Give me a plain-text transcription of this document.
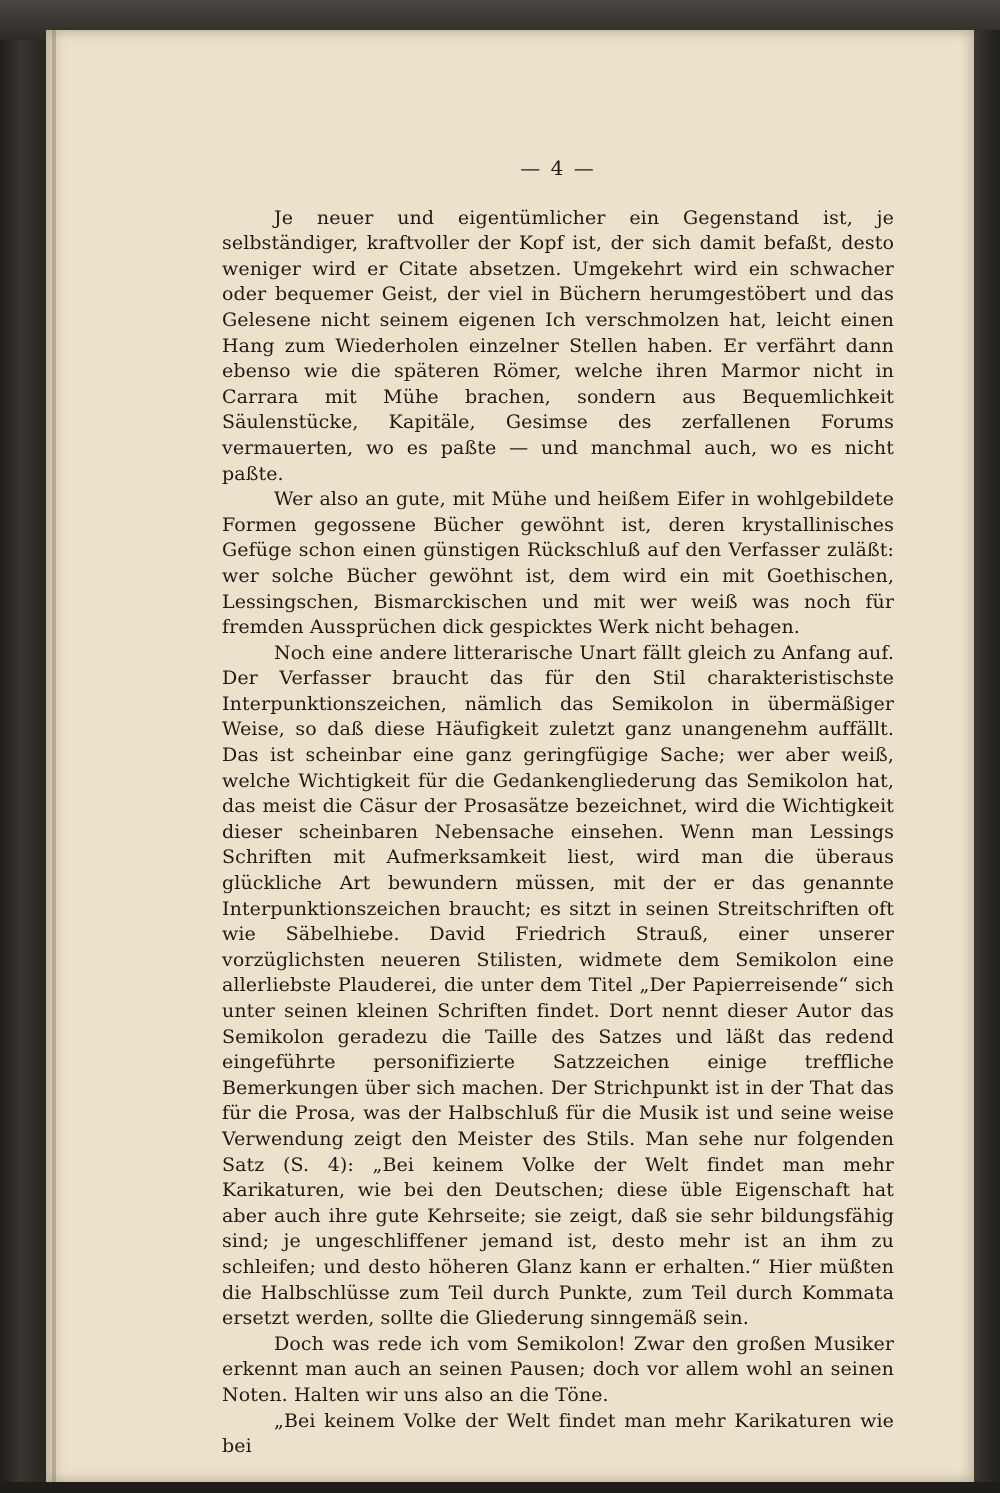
— 4 —

Je neuer und eigentümlicher ein Gegenstand ist, je selbständiger, kraftvoller der Kopf ist, der sich damit befaßt, desto weniger wird er Citate absetzen. Umgekehrt wird ein schwacher oder bequemer Geist, der viel in Büchern herumgestöbert und das Gelesene nicht seinem eigenen Ich verschmolzen hat, leicht einen Hang zum Wiederholen einzelner Stellen haben. Er verfährt dann ebenso wie die späteren Römer, welche ihren Marmor nicht in Carrara mit Mühe brachen, sondern aus Bequemlichkeit Säulenstücke, Kapitäle, Gesimse des zerfallenen Forums vermauerten, wo es paßte — und manchmal auch, wo es nicht paßte.

Wer also an gute, mit Mühe und heißem Eifer in wohlgebildete Formen gegossene Bücher gewöhnt ist, deren krystallinisches Gefüge schon einen günstigen Rückschluß auf den Verfasser zuläßt: wer solche Bücher gewöhnt ist, dem wird ein mit Goethischen, Lessingschen, Bismarckischen und mit wer weiß was noch für fremden Aussprüchen dick gespicktes Werk nicht behagen.

Noch eine andere litterarische Unart fällt gleich zu Anfang auf. Der Verfasser braucht das für den Stil charakteristischste Interpunktionszeichen, nämlich das Semikolon in übermäßiger Weise, so daß diese Häufigkeit zuletzt ganz unangenehm auffällt. Das ist scheinbar eine ganz geringfügige Sache; wer aber weiß, welche Wichtigkeit für die Gedankengliederung das Semikolon hat, das meist die Cäsur der Prosasätze bezeichnet, wird die Wichtigkeit dieser scheinbaren Nebensache einsehen. Wenn man Lessings Schriften mit Aufmerksamkeit liest, wird man die überaus glückliche Art bewundern müssen, mit der er das genannte Interpunktionszeichen braucht; es sitzt in seinen Streitschriften oft wie Säbelhiebe. David Friedrich Strauß, einer unserer vorzüglichsten neueren Stilisten, widmete dem Semikolon eine allerliebste Plauderei, die unter dem Titel „Der Papierreisende“ sich unter seinen kleinen Schriften findet. Dort nennt dieser Autor das Semikolon geradezu die Taille des Satzes und läßt das redend eingeführte personifizierte Satzzeichen einige treffliche Bemerkungen über sich machen. Der Strichpunkt ist in der That das für die Prosa, was der Halbschluß für die Musik ist und seine weise Verwendung zeigt den Meister des Stils. Man sehe nur folgenden Satz (S. 4): „Bei keinem Volke der Welt findet man mehr Karikaturen, wie bei den Deutschen; diese üble Eigenschaft hat aber auch ihre gute Kehrseite; sie zeigt, daß sie sehr bildungsfähig sind; je ungeschliffener jemand ist, desto mehr ist an ihm zu schleifen; und desto höheren Glanz kann er erhalten.“ Hier müßten die Halbschlüsse zum Teil durch Punkte, zum Teil durch Kommata ersetzt werden, sollte die Gliederung sinngemäß sein.

Doch was rede ich vom Semikolon! Zwar den großen Musiker erkennt man auch an seinen Pausen; doch vor allem wohl an seinen Noten. Halten wir uns also an die Töne.

„Bei keinem Volke der Welt findet man mehr Karikaturen wie bei
